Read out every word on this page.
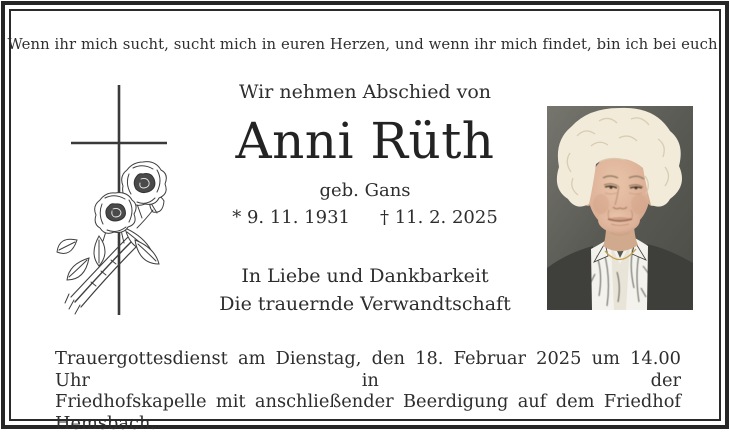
Wenn ihr mich sucht, sucht mich in euren Herzen, und wenn ihr mich findet, bin ich bei euch.
Wir nehmen Abschied von
Anni Rüth
geb. Gans
* 9. 11. 1931 † 11. 2. 2025
In Liebe und Dankbarkeit
Die trauernde Verwandtschaft
Trauergottesdienst am Dienstag, den 18. Februar 2025 um 14.00 Uhr in der
Friedhofskapelle mit anschließender Beerdigung auf dem Friedhof Hemsbach.
